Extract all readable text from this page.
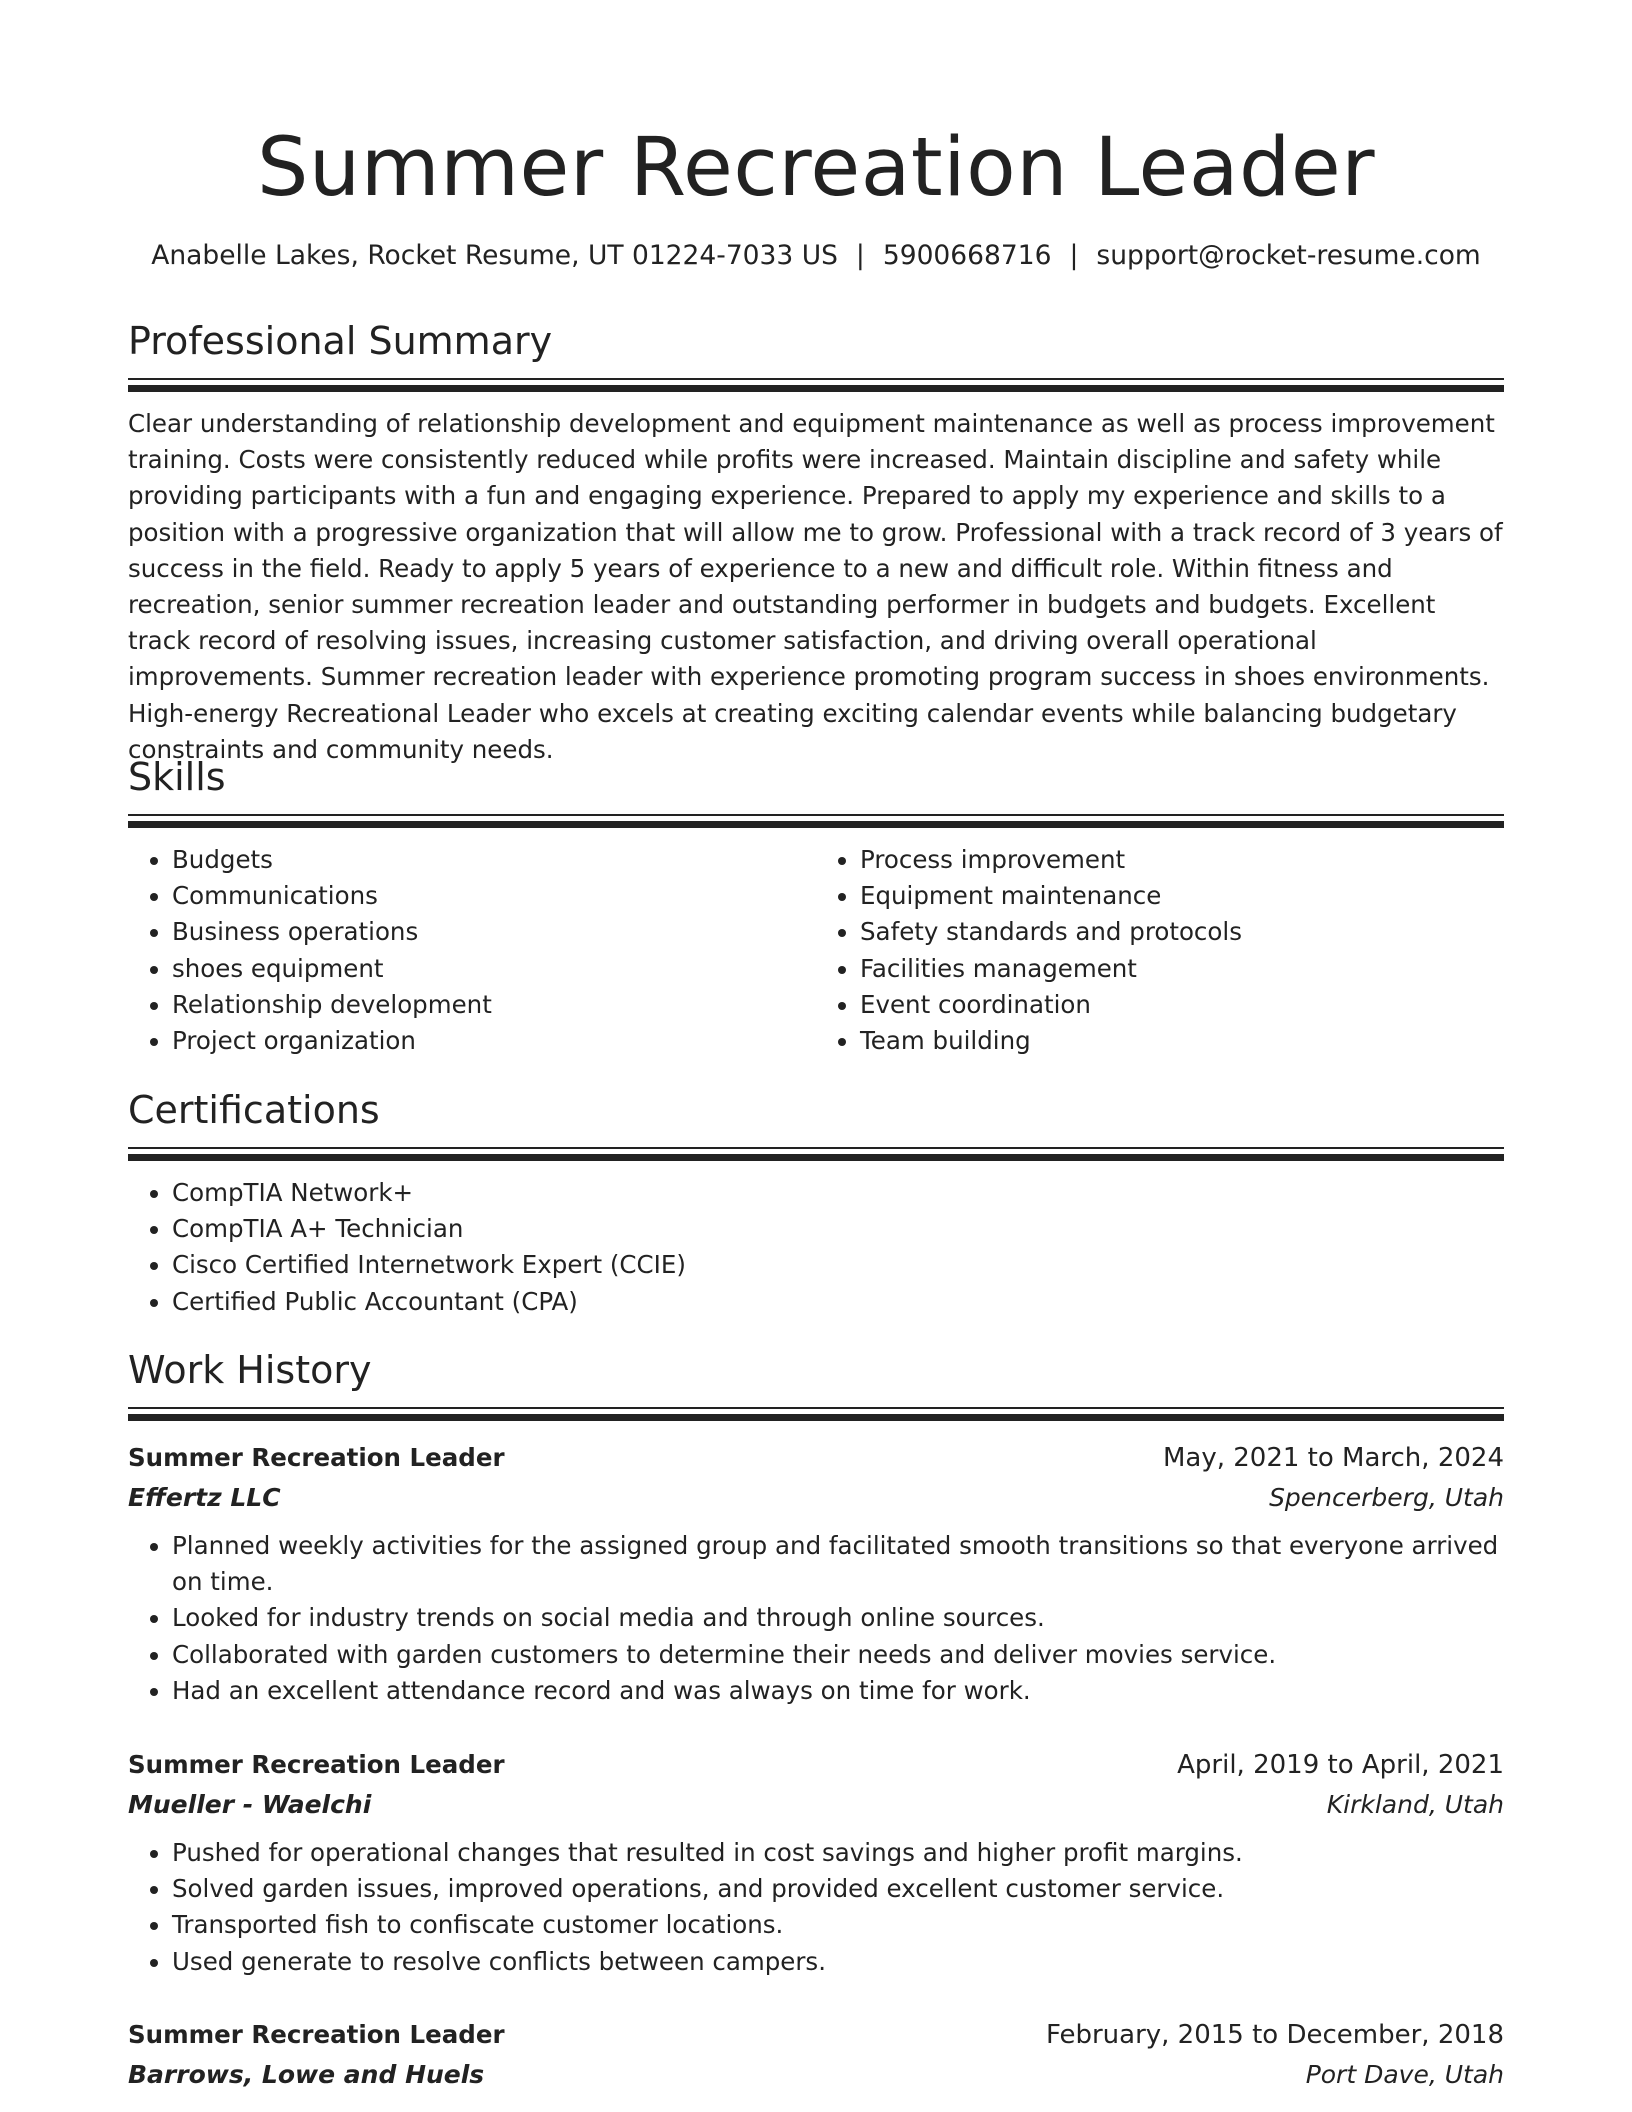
Summer Recreation Leader
Anabelle Lakes, Rocket Resume, UT 01224-7033 US | 5900668716 | support@rocket-resume.com
Professional Summary

Clear understanding of relationship development and equipment maintenance as well as process improvement training. Costs were consistently reduced while profits were increased. Maintain discipline and safety while providing participants with a fun and engaging experience. Prepared to apply my experience and skills to a position with a progressive organization that will allow me to grow. Professional with a track record of 3 years of success in the field. Ready to apply 5 years of experience to a new and difficult role. Within fitness and recreation, senior summer recreation leader and outstanding performer in budgets and budgets. Excellent track record of resolving issues, increasing customer satisfaction, and driving overall operational improvements. Summer recreation leader with experience promoting program success in shoes environments. High-energy Recreational Leader who excels at creating exciting calendar events while balancing budgetary constraints and community needs.

Skills
• Budgets
• Communications
• Business operations
• shoes equipment
• Relationship development
• Project organization
• Process improvement
• Equipment maintenance
• Safety standards and protocols
• Facilities management
• Event coordination
• Team building
Certifications
• CompTIA Network+
• CompTIA A+ Technician
• Cisco Certified Internetwork Expert (CCIE)
• Certified Public Accountant (CPA)
Work History
Summer Recreation Leader	May, 2021 to March, 2024
Effertz LLC	Spencerberg, Utah
• Planned weekly activities for the assigned group and facilitated smooth transitions so that everyone arrived on time.
• Looked for industry trends on social media and through online sources.
• Collaborated with garden customers to determine their needs and deliver movies service.
• Had an excellent attendance record and was always on time for work.
Summer Recreation Leader	April, 2019 to April, 2021
Mueller - Waelchi	Kirkland, Utah
• Pushed for operational changes that resulted in cost savings and higher profit margins.
• Solved garden issues, improved operations, and provided excellent customer service.
• Transported fish to confiscate customer locations.
• Used generate to resolve conflicts between campers.
Summer Recreation Leader	February, 2015 to December, 2018
Barrows, Lowe and Huels	Port Dave, Utah
